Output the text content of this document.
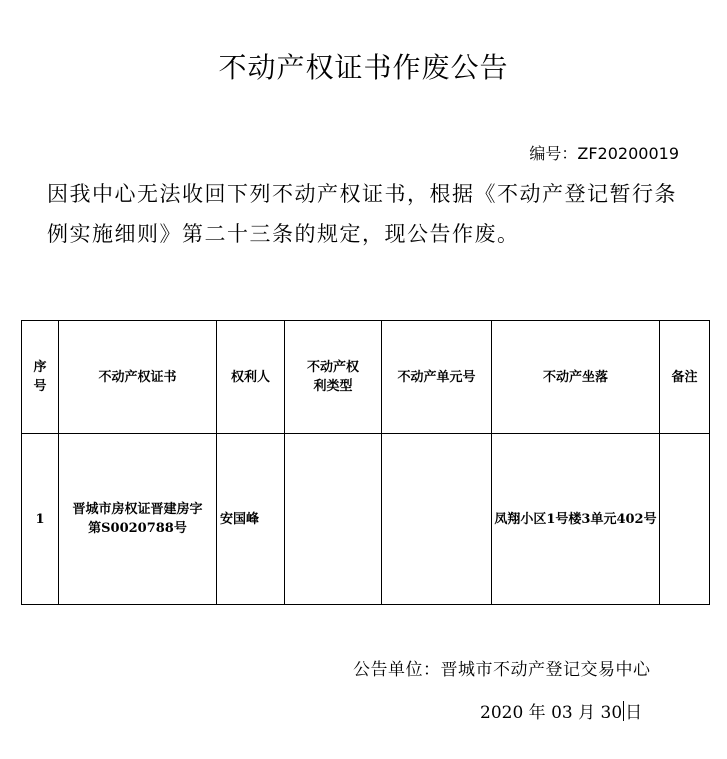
不动产权证书作废公告
编号：ZF20200019
因我中心无法收回下列不动产权证书，根据《不动产登记暂行条例实施细则》第二十三条的规定，现公告作废。
序号	不动产权证书	权利人	不动产权利类型	不动产单元号	不动产坐落	备注
1	晋城市房权证晋建房字第S0020788号	安国峰			凤翔小区1号楼3单元402号	
公告单位：晋城市不动产登记交易中心
2020 年 03 月 30 日
